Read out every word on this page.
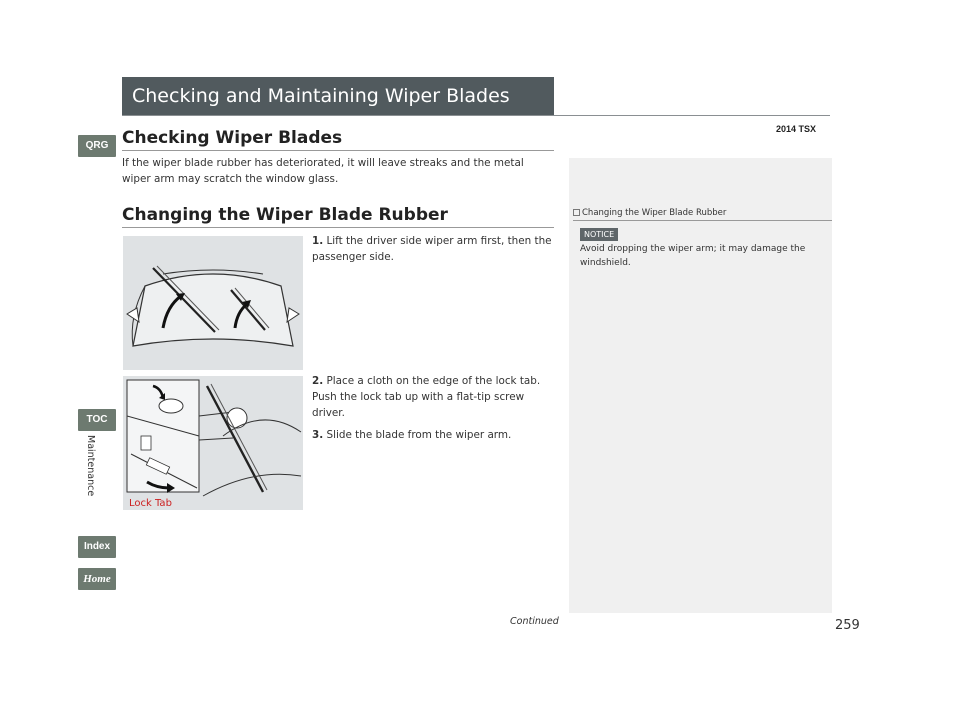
Checking and Maintaining Wiper Blades
2014 TSX
Checking Wiper Blades
If the wiper blade rubber has deteriorated, it will leave streaks and the metal wiper arm may scratch the window glass.
Changing the Wiper Blade Rubber
Lock Tab
1. Lift the driver side wiper arm first, then the passenger side.
2. Place a cloth on the edge of the lock tab. Push the lock tab up with a flat-tip screw driver.
3. Slide the blade from the wiper arm.
Changing the Wiper Blade Rubber
NOTICE
Avoid dropping the wiper arm; it may damage the windshield.
QRG
TOC
Maintenance
Index
Home
Continued	259
